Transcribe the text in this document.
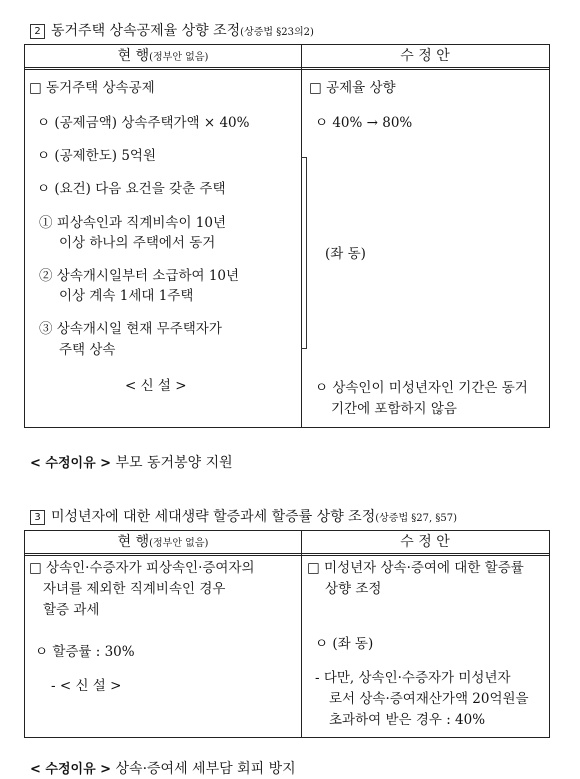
2 동거주택 상속공제율 상향 조정(상증법 §23의2)
현 행(정부안 없음)	수 정 안
□ 동거주택 상속공제
ㅇ (공제금액) 상속주택가액 × 40%
ㅇ (공제한도) 5억원
ㅇ (요건) 다음 요건을 갖춘 주택
① 피상속인과 직계비속이 10년
이상 하나의 주택에서 동거
② 상속개시일부터 소급하여 10년
이상 계속 1세대 1주택
③ 상속개시일 현재 무주택자가
주택 상속
< 신 설 >
□ 공제율 상향
ㅇ 40% → 80%
(좌 동)
ㅇ 상속인이 미성년자인 기간은 동거
기간에 포함하지 않음
< 수정이유 > 부모 동거봉양 지원
3 미성년자에 대한 세대생략 할증과세 할증률 상향 조정(상증법 §27, §57)
현 행(정부안 없음)	수 정 안
□ 상속인·수증자가 피상속인·증여자의
자녀를 제외한 직계비속인 경우
할증 과세
ㅇ 할증률 : 30%
- < 신 설 >
□ 미성년자 상속·증여에 대한 할증률
상향 조정
ㅇ (좌 동)
- 다만, 상속인·수증자가 미성년자
로서 상속·증여재산가액 20억원을
초과하여 받은 경우 : 40%
< 수정이유 > 상속·증여세 세부담 회피 방지
